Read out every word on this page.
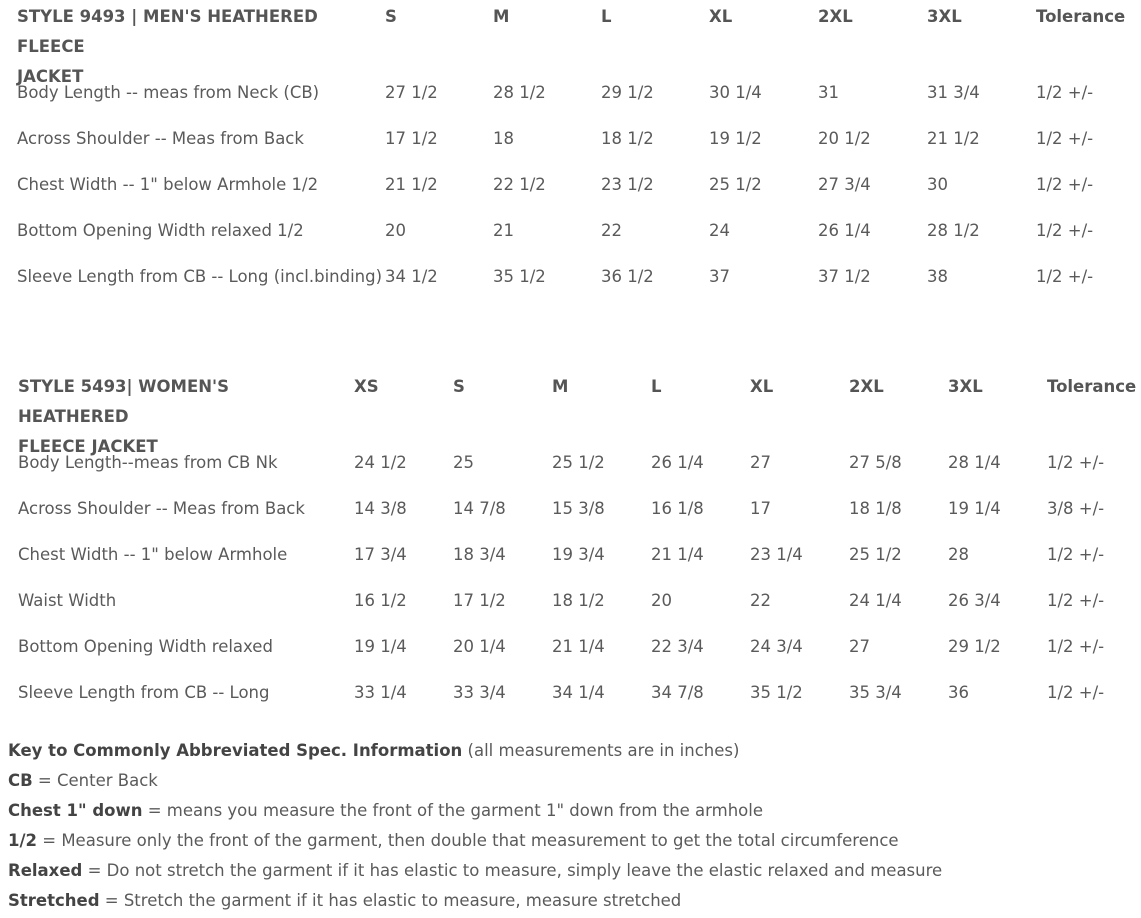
STYLE 9493 | MEN'S HEATHERED FLEECE
JACKET
S	M	L	XL	2XL	3XL	Tolerance
Body Length -- meas from Neck (CB)	27 1/2	28 1/2	29 1/2	30 1/4	31	31 3/4	1/2 +/-
Across Shoulder -- Meas from Back	17 1/2	18	18 1/2	19 1/2	20 1/2	21 1/2	1/2 +/-
Chest Width -- 1" below Armhole 1/2	21 1/2	22 1/2	23 1/2	25 1/2	27 3/4	30	1/2 +/-
Bottom Opening Width relaxed 1/2	20	21	22	24	26 1/4	28 1/2	1/2 +/-
Sleeve Length from CB -- Long (incl.binding) 34 1/2	35 1/2	36 1/2	37	37 1/2	38	1/2 +/-
STYLE 5493| WOMEN'S HEATHERED
FLEECE JACKET
XS	S	M	L	XL	2XL	3XL	Tolerance
Body Length--meas from CB Nk	24 1/2	25	25 1/2	26 1/4	27	27 5/8	28 1/4	1/2 +/-
Across Shoulder -- Meas from Back	14 3/8	14 7/8	15 3/8	16 1/8	17	18 1/8	19 1/4	3/8 +/-
Chest Width -- 1" below Armhole	17 3/4	18 3/4	19 3/4	21 1/4	23 1/4	25 1/2	28	1/2 +/-
Waist Width	16 1/2	17 1/2	18 1/2	20	22	24 1/4	26 3/4	1/2 +/-
Bottom Opening Width relaxed	19 1/4	20 1/4	21 1/4	22 3/4	24 3/4	27	29 1/2	1/2 +/-
Sleeve Length from CB -- Long	33 1/4	33 3/4	34 1/4	34 7/8	35 1/2	35 3/4	36	1/2 +/-
Key to Commonly Abbreviated Spec. Information (all measurements are in inches)
CB = Center Back
Chest 1" down = means you measure the front of the garment 1" down from the armhole
1/2 = Measure only the front of the garment, then double that measurement to get the total circumference
Relaxed = Do not stretch the garment if it has elastic to measure, simply leave the elastic relaxed and measure
Stretched = Stretch the garment if it has elastic to measure, measure stretched
